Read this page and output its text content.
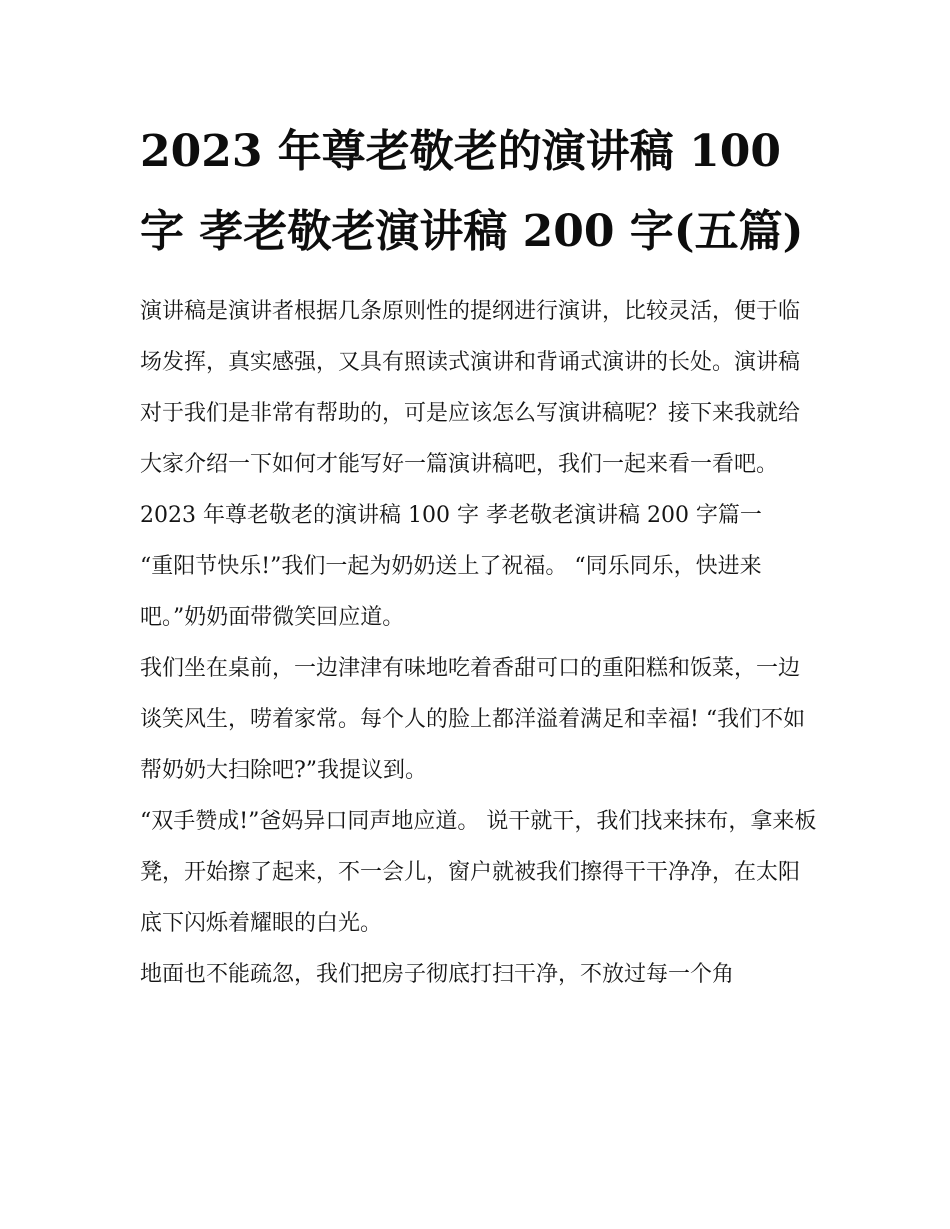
2023 年尊老敬老的演讲稿 100 字 孝老敬老演讲稿 200 字(五篇)

演讲稿是演讲者根据几条原则性的提纲进行演讲，比较灵活，便于临场发挥，真实感强，又具有照读式演讲和背诵式演讲的长处。演讲稿对于我们是非常有帮助的，可是应该怎么写演讲稿呢？接下来我就给大家介绍一下如何才能写好一篇演讲稿吧，我们一起来看一看吧。

2023 年尊老敬老的演讲稿 100 字 孝老敬老演讲稿 200 字篇一

“重阳节快乐!”我们一起为奶奶送上了祝福。 “同乐同乐，快进来吧。”奶奶面带微笑回应道。

我们坐在桌前，一边津津有味地吃着香甜可口的重阳糕和饭菜，一边谈笑风生，唠着家常。每个人的脸上都洋溢着满足和幸福! “我们不如帮奶奶大扫除吧?”我提议到。

“双手赞成!”爸妈异口同声地应道。 说干就干，我们找来抹布，拿来板凳，开始擦了起来，不一会儿，窗户就被我们擦得干干净净，在太阳底下闪烁着耀眼的白光。

地面也不能疏忽，我们把房子彻底打扫干净，不放过每一个角
